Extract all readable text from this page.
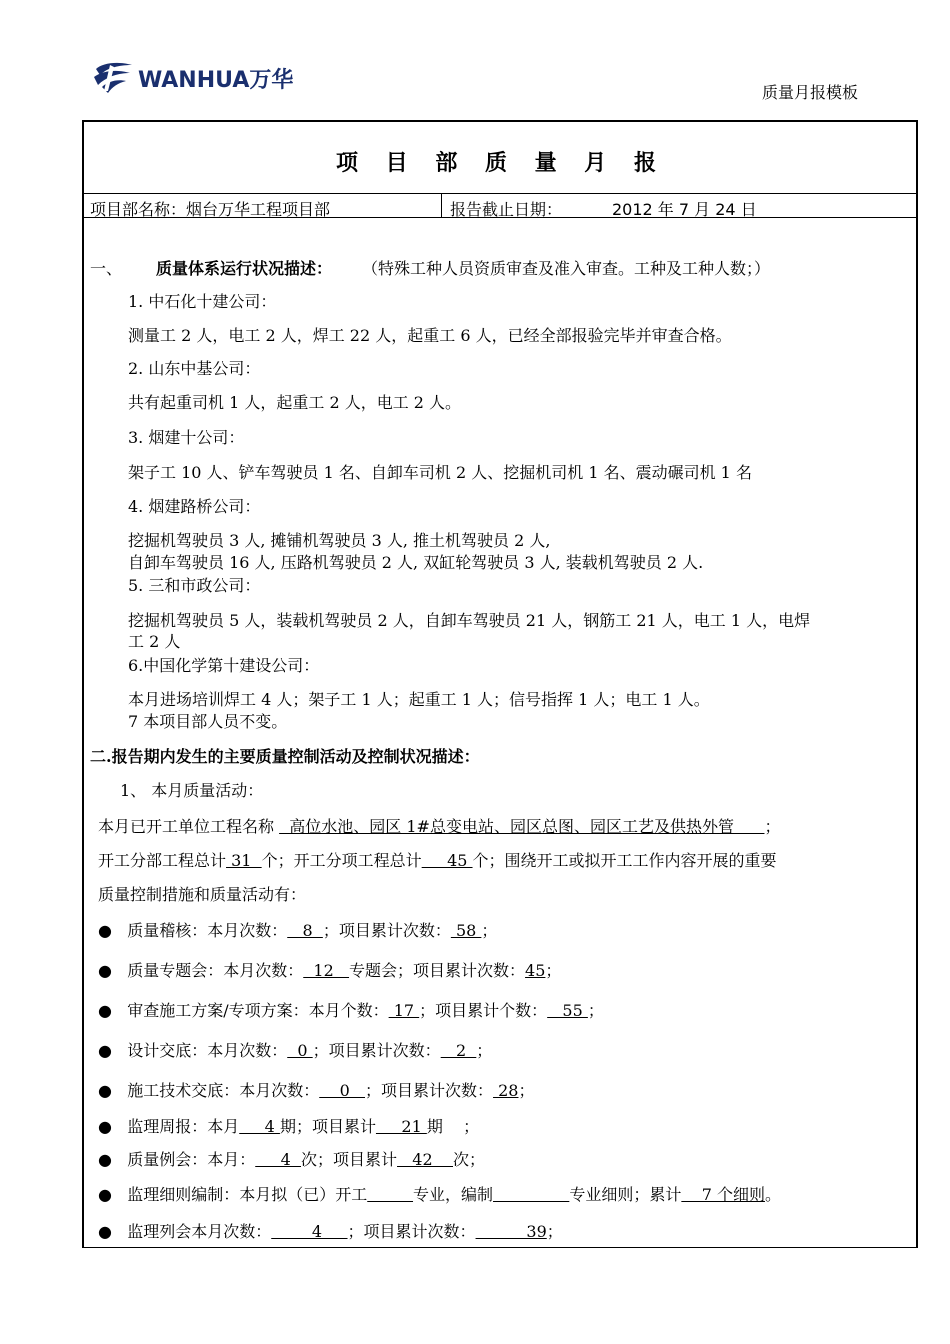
WANHUA万华	质量月报模板
项 目 部 质 量 月 报
项目部名称：烟台万华工程项目部	报告截止日期：	2012 年 7 月 24 日
一、 质量体系运行状况描述： （特殊工种人员资质审查及准入审查。工种及工种人数；）
1. 中石化十建公司：
测量工 2 人，电工 2 人，焊工 22 人，起重工 6 人，已经全部报验完毕并审查合格。
2. 山东中基公司：
共有起重司机 1 人，起重工 2 人，电工 2 人。
3. 烟建十公司：
架子工 10 人、铲车驾驶员 1 名、自卸车司机 2 人、挖掘机司机 1 名、震动碾司机 1 名
4. 烟建路桥公司：
挖掘机驾驶员 3 人, 摊铺机驾驶员 3 人, 推土机驾驶员 2 人,
自卸车驾驶员 16 人, 压路机驾驶员 2 人, 双缸轮驾驶员 3 人, 装载机驾驶员 2 人.
5. 三和市政公司：
挖掘机驾驶员 5 人，装载机驾驶员 2 人，自卸车驾驶员 21 人，钢筋工 21 人，电工 1 人，电焊
工 2 人
6.中国化学第十建设公司：
本月进场培训焊工 4 人；架子工 1 人；起重工 1 人；信号指挥 1 人；电工 1 人。
7 本项目部人员不变。
二.报告期内发生的主要质量控制活动及控制状况描述：
1、 本月质量活动：
本月已开工单位工程名称   高位水池、园区 1#总变电站、园区总图、园区工艺及供热外管      ；
开工分部工程总计 31  个；开工分项工程总计     45 个；围绕开工或拟开工工作内容开展的重要
质量控制措施和质量活动有：
●   质量稽核：本月次数：   8  ；项目累计次数： 58 ；
●   质量专题会：本月次数：  12   专题会；项目累计次数：45；
●   审查施工方案/专项方案：本月个数： 17 ；项目累计个数：   55 ；
●   设计交底：本月次数：  0 ；项目累计次数：   2  ；
●   施工技术交底：本月次数：    0   ；项目累计次数： 28；
●   监理周报：本月     4 期；项目累计     21 期    ；
●   质量例会：本月：     4  次；项目累计   42    次；
●   监理细则编制：本月拟（已）开工	专业，编制	专业细则；累计    7 个细则。
●   监理列会本月次数：        4     ；项目累计次数：          39；
